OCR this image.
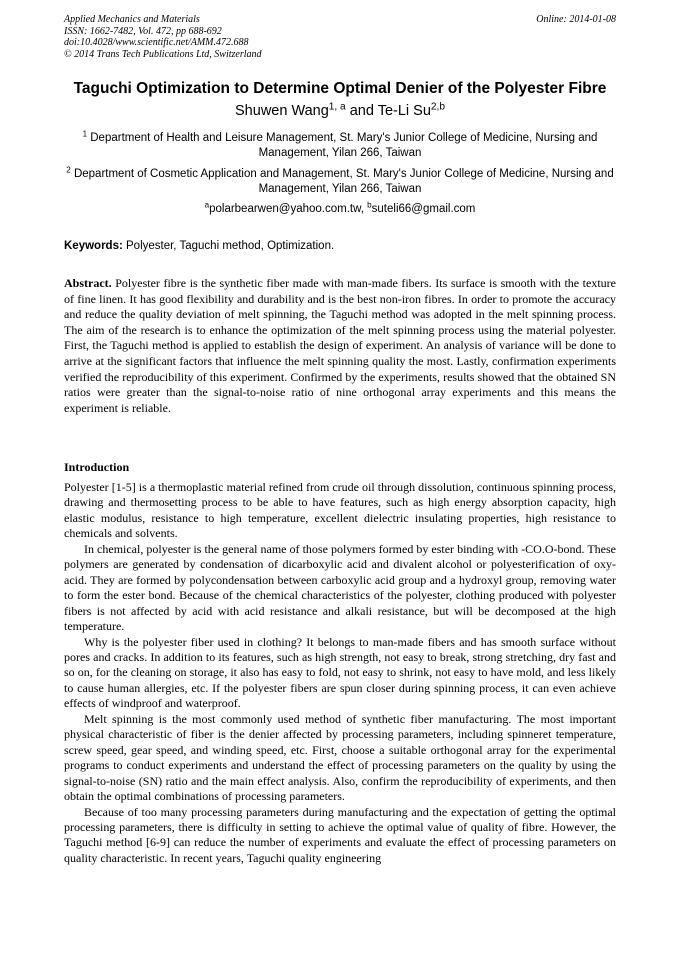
Applied Mechanics and Materials
ISSN: 1662-7482, Vol. 472, pp 688-692
doi:10.4028/www.scientific.net/AMM.472.688
© 2014 Trans Tech Publications Ltd, Switzerland
Online: 2014-01-08
Taguchi Optimization to Determine Optimal Denier of the Polyester Fibre
Shuwen Wang$^{1, a}$ and Te-Li Su$^{2,b}$
$^1$ Department of Health and Leisure Management, St. Mary's Junior College of Medicine, Nursing and Management, Yilan 266, Taiwan
$^2$ Department of Cosmetic Application and Management, St. Mary's Junior College of Medicine, Nursing and Management, Yilan 266, Taiwan
$^a$polarbearwen@yahoo.com.tw, $^b$suteli66@gmail.com
Keywords: Polyester, Taguchi method, Optimization.
Abstract. Polyester fibre is the synthetic fiber made with man-made fibers. Its surface is smooth with the texture of fine linen. It has good flexibility and durability and is the best non-iron fibres. In order to promote the accuracy and reduce the quality deviation of melt spinning, the Taguchi method was adopted in the melt spinning process. The aim of the research is to enhance the optimization of the melt spinning process using the material polyester. First, the Taguchi method is applied to establish the design of experiment. An analysis of variance will be done to arrive at the significant factors that influence the melt spinning quality the most. Lastly, confirmation experiments verified the reproducibility of this experiment. Confirmed by the experiments, results showed that the obtained SN ratios were greater than the signal-to-noise ratio of nine orthogonal array experiments and this means the experiment is reliable.
Introduction

Polyester [1-5] is a thermoplastic material refined from crude oil through dissolution, continuous spinning process, drawing and thermosetting process to be able to have features, such as high energy absorption capacity, high elastic modulus, resistance to high temperature, excellent dielectric insulating properties, high resistance to chemicals and solvents.

In chemical, polyester is the general name of those polymers formed by ester binding with -CO.O-bond. These polymers are generated by condensation of dicarboxylic acid and divalent alcohol or polyesterification of oxy-acid. They are formed by polycondensation between carboxylic acid group and a hydroxyl group, removing water to form the ester bond. Because of the chemical characteristics of the polyester, clothing produced with polyester fibers is not affected by acid with acid resistance and alkali resistance, but will be decomposed at the high temperature.

Why is the polyester fiber used in clothing? It belongs to man-made fibers and has smooth surface without pores and cracks. In addition to its features, such as high strength, not easy to break, strong stretching, dry fast and so on, for the cleaning on storage, it also has easy to fold, not easy to shrink, not easy to have mold, and less likely to cause human allergies, etc. If the polyester fibers are spun closer during spinning process, it can even achieve effects of windproof and waterproof.

Melt spinning is the most commonly used method of synthetic fiber manufacturing. The most important physical characteristic of fiber is the denier affected by processing parameters, including spinneret temperature, screw speed, gear speed, and winding speed, etc. First, choose a suitable orthogonal array for the experimental programs to conduct experiments and understand the effect of processing parameters on the quality by using the signal-to-noise (SN) ratio and the main effect analysis. Also, confirm the reproducibility of experiments, and then obtain the optimal combinations of processing parameters.

Because of too many processing parameters during manufacturing and the expectation of getting the optimal processing parameters, there is difficulty in setting to achieve the optimal value of quality of fibre. However, the Taguchi method [6-9] can reduce the number of experiments and evaluate the effect of processing parameters on quality characteristic. In recent years, Taguchi quality engineering
